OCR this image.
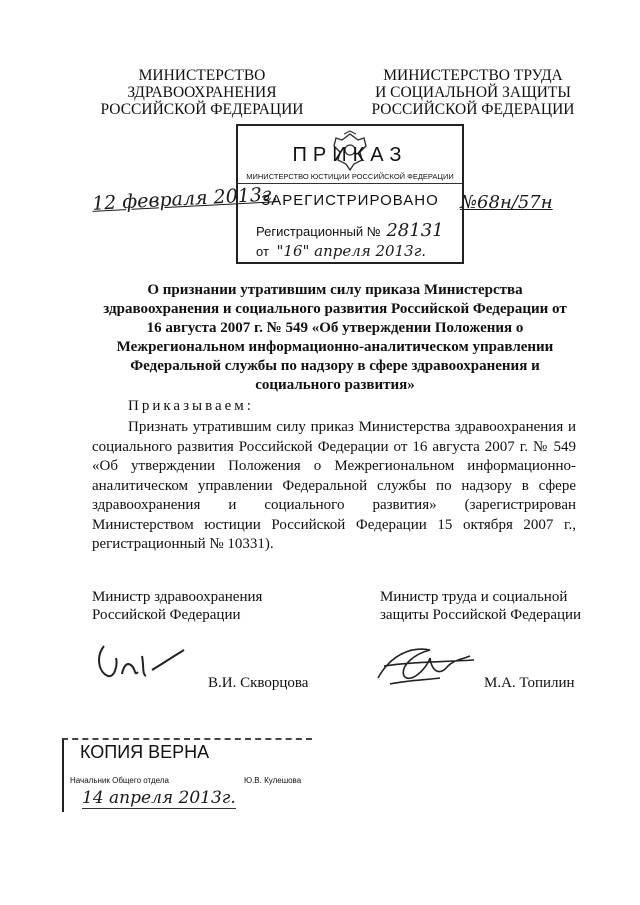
МИНИСТЕРСТВО
ЗДРАВООХРАНЕНИЯ
РОССИЙСКОЙ ФЕДЕРАЦИИ
МИНИСТЕРСТВО ТРУДА
И СОЦИАЛЬНОЙ ЗАЩИТЫ
РОССИЙСКОЙ ФЕДЕРАЦИИ
12 февраля 2013г.	№68н/57н
ПРИКАЗ
МИНИСТЕРСТВО ЮСТИЦИИ РОССИЙСКОЙ ФЕДЕРАЦИИ
ЗАРЕГИСТРИРОВАНО
Регистрационный № 28131
от "16" апреля 2013г.
О признании утратившим силу приказа Министерства здравоохранения и социального развития Российской Федерации от 16 августа 2007 г. № 549 «Об утверждении Положения о Межрегиональном информационно-аналитическом управлении Федеральной службы по надзору в сфере здравоохранения и социального развития»
Приказываем:
Признать утратившим силу приказ Министерства здравоохранения и социального развития Российской Федерации от 16 августа 2007 г. № 549 «Об утверждении Положения о Межрегиональном информационно-аналитическом управлении Федеральной службы по надзору в сфере здравоохранения и социального развития» (зарегистрирован Министерством юстиции Российской Федерации 15 октября 2007 г., регистрационный № 10331).
Министр здравоохранения
Российской Федерации
Министр труда и социальной
защиты Российской Федерации
В.И. Скворцова	М.А. Топилин
КОПИЯ ВЕРНА
Начальник Общего отдела	Ю.В. Кулешова
14 апреля 2013г.
